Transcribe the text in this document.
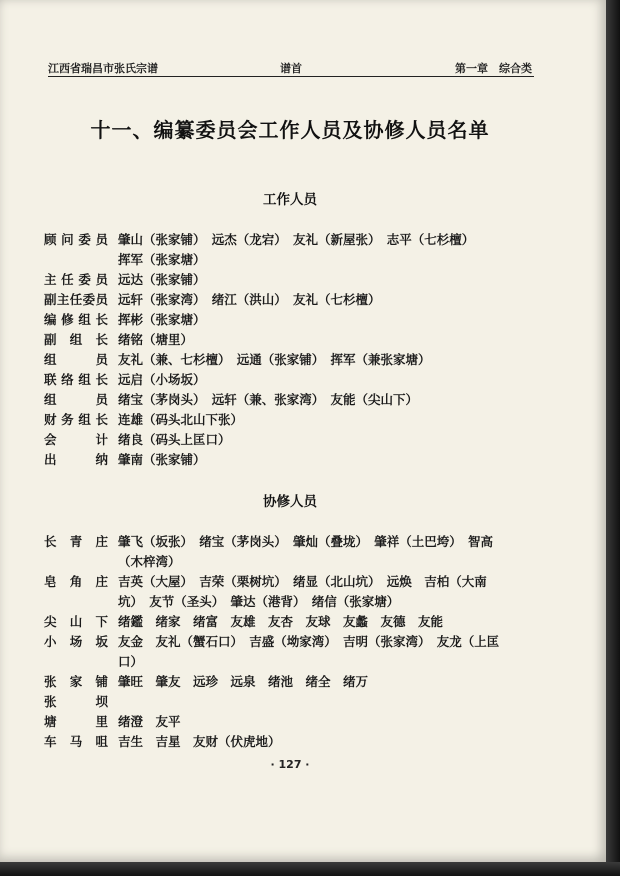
江西省瑞昌市张氏宗谱	谱首	第一章　综合类
十一、编纂委员会工作人员及协修人员名单
工作人员
顾问委员 肇山（张家铺）　远杰（龙宕）　友礼（新屋张）　志平（七杉檀）
挥军（张家塘）
主任委员 远达（张家铺）
副主任委员 远轩（张家湾）　绪江（洪山）　友礼（七杉檀）
编修组长 挥彬（张家塘）
副组长 绪铭（塘里）
组员 友礼（兼、七杉檀）　远通（张家铺）　挥军（兼张家塘）
联络组长 远启（小场坂）
组员 绪宝（茅岗头）　远轩（兼、张家湾）　友能（尖山下）
财务组长 连雄（码头北山下张）
会计 绪良（码头上匡口）
出纳 肇南（张家铺）
协修人员
长青庄 肇飞（坂张）　绪宝（茅岗头）　肇灿（叠垅）　肇祥（土巴垮）　智高
（木梓湾）
皂角庄 吉英（大屋）　吉荣（栗树坑）　绪显（北山坑）　远焕　吉柏（大南
坑）　友节（圣头）　肇达（港背）　绪信（张家塘）
尖山下 绪鑑　绪家　绪富　友雄　友杏　友球　友蠡　友德　友能
小场坂 友金　友礼（蟹石口）　吉盛（坳家湾）　吉明（张家湾）　友龙（上匡
口）
张家铺 肇旺　肇友　远珍　远泉　绪池　绪全　绪万
张坝
塘里 绪澄　友平
车马咀 吉生　吉星　友财（伏虎地）
· 127 ·
